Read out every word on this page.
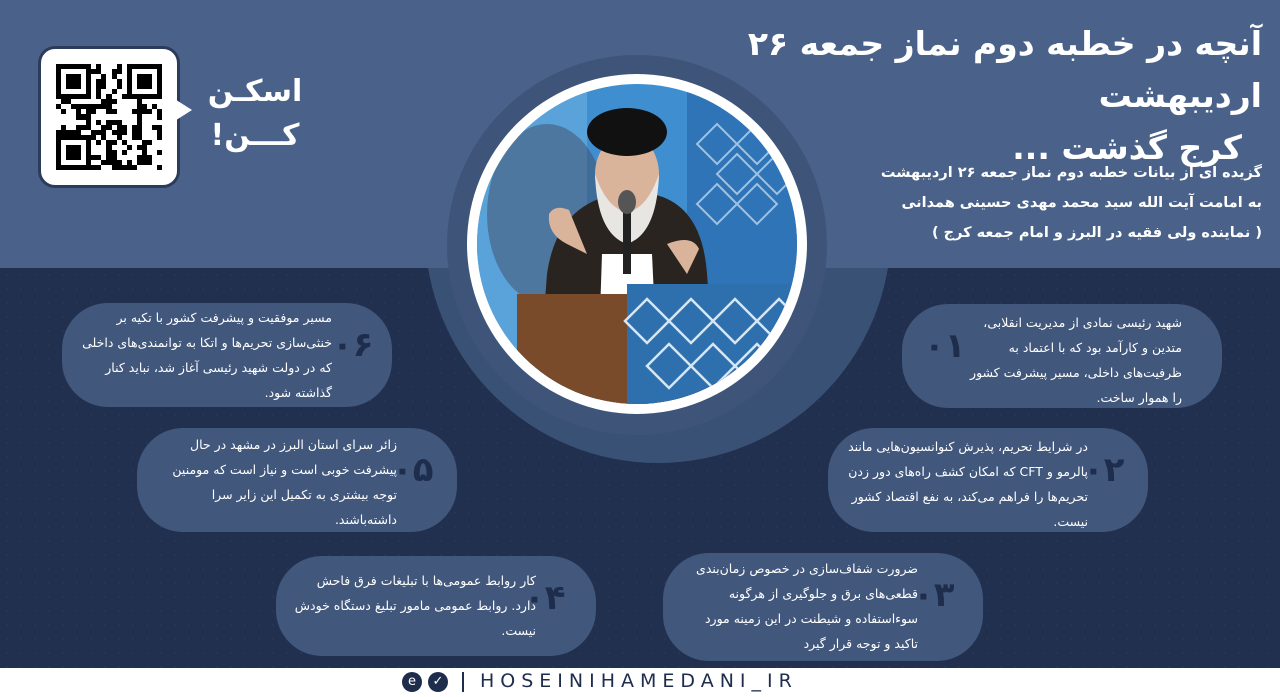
آنچه در خطبه دوم نماز جمعه ۲۶ اردیبهشت
کرج گذشت ...
گزیده ای از بیانات خطبه دوم نماز جمعه ۲۶ اردیبهشت
به امامت آیت الله سید محمد مهدی حسینی همدانی
( نماینده ولی فقیه در البرز و امام جمعه کرج )
اسکـن
کـــن!
شهید رئیسی نمادی از مدیریت انقلابی، متدین و کارآمد بود که با اعتماد به ظرفیت‌های داخلی، مسیر پیشرفت کشور را هموار ساخت.
۰۱
در شرایط تحریم، پذیرش کنوانسیون‌هایی مانند پالرمو و CFT که امکان کشف راه‌های دور زدن تحریم‌ها را فراهم می‌کند، به نفع اقتصاد کشور نیست.
۰۲
ضرورت شفاف‌سازی در خصوص زمان‌بندی قطعی‌های برق و جلوگیری از هرگونه سوءاستفاده و شیطنت در این زمینه مورد تاکید و توجه قرار گیرد
۰۳
مسیر موفقیت و پیشرفت کشور با تکیه بر خنثی‌سازی تحریم‌ها و اتکا به توانمندی‌های داخلی که در دولت شهید رئیسی آغاز شد، نباید کنار گذاشته شود.
۰۶
زائر سرای استان البرز در مشهد در حال پیشرفت خوبی است و نیاز است که مومنین توجه بیشتری به تکمیل این زایر سرا داشته‌باشند.
۰۵
کار روابط عمومی‌ها با تبلیغات فرق فاحش دارد. روابط عمومی مامور تبلیغ دستگاه خودش نیست.
۰۴
e	✓ HOSEINIHAMEDANI_IR
